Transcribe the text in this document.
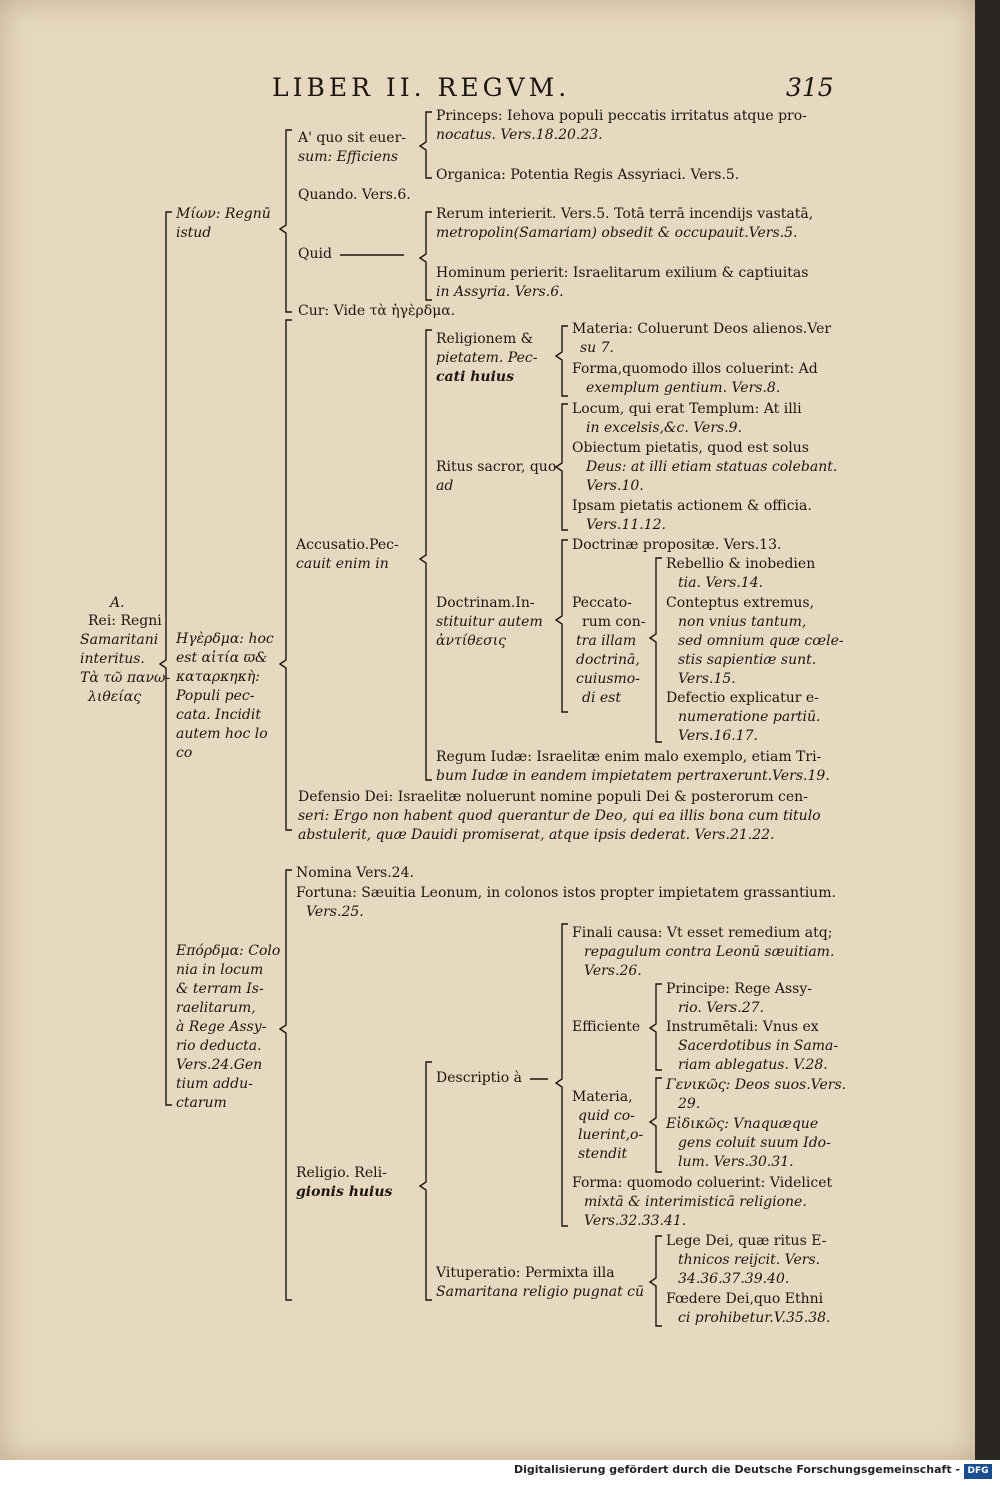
LIBER II. REGVM.	315
A.
Rei: Regni
Samaritani
interitus.
Τὰ τῶ πανω-
λιθείας
Μίων: Regnū
istud
A' quo sit euer-
sum: Efficiens
Princeps: Iehova populi peccatis irritatus atque pro-
nocatus. Vers.18.20.23.
Organica: Potentia Regis Assyriaci. Vers.5.
Quando. Vers.6.
Quid
Rerum interierit. Vers.5. Totā terrā incendijs vastatā,
metropolin(Samariam) obsedit & occupauit.Vers.5.
Hominum perierit: Israelitarum exilium & captiuitas
in Assyria. Vers.6.
Cur: Vide τὰ ἡγὲρδμα.
Ηγὲρδμα: hoc
est αἰτία ϖ&
καταρκηκὴ:
Populi pec-
cata. Incidit
autem hoc lo
co
Accusatio.Pec-
cauit enim in
Religionem &
pietatem. Pec-
cati huius
Materia: Coluerunt Deos alienos.Ver
su 7.
Forma,quomodo illos coluerint: Ad
exemplum gentium. Vers.8.
Ritus sacror, quo
ad
Locum, qui erat Templum: At illi
in excelsis,&c. Vers.9.
Obiectum pietatis, quod est solus
Deus: at illi etiam statuas colebant.
Vers.10.
Ipsam pietatis actionem & officia.
Vers.11.12.
Doctrinam.In-
stituitur autem
ἀντίθεσις
Doctrinæ propositæ. Vers.13.
Peccato-
rum con-
tra illam
doctrinā,
cuiusmo-
di est
Rebellio & inobedien
tia. Vers.14.
Conteptus extremus,
non vnius tantum,
sed omnium quæ cœle-
stis sapientiæ sunt.
Vers.15.
Defectio explicatur e-
numeratione partiū.
Vers.16.17.
Regum Iudæ: Israelitæ enim malo exemplo, etiam Tri-
bum Iudæ in eandem impietatem pertraxerunt.Vers.19.
Defensio Dei: Israelitæ noluerunt nomine populi Dei & posterorum cen-
seri: Ergo non habent quod querantur de Deo, qui ea illis bona cum titulo
abstulerit, quæ Dauidi promiserat, atque ipsis dederat. Vers.21.22.
Επόρδμα: Colo
nia in locum
& terram Is-
raelitarum,
à Rege Assy-
rio deducta.
Vers.24.Gen
tium addu-
ctarum
Nomina Vers.24.
Fortuna: Sæuitia Leonum, in colonos istos propter impietatem grassantium.
Vers.25.
Religio. Reli-
gionis huius
Descriptio à
Finali causa: Vt esset remedium atq;
repagulum contra Leonū sæuitiam.
Vers.26.
Efficiente
Principe: Rege Assy-
rio. Vers.27.
Instrumētali: Vnus ex
Sacerdotibus in Sama-
riam ablegatus. V.28.
Materia,
quid co-
luerint,o-
stendit
Γενικῶς: Deos suos.Vers.
29.
Εἰδικῶς: Vnaquæque
gens coluit suum Ido-
lum. Vers.30.31.
Forma: quomodo coluerint: Videlicet
mixtā & interimisticā religione.
Vers.32.33.41.
Vituperatio: Permixta illa
Samaritana religio pugnat cū
Lege Dei, quæ ritus E-
thnicos reijcit. Vers.
34.36.37.39.40.
Fœdere Dei,quo Ethni
ci prohibetur.V.35.38.
Digitalisierung gefördert durch die Deutsche Forschungsgemeinschaft - DFG
